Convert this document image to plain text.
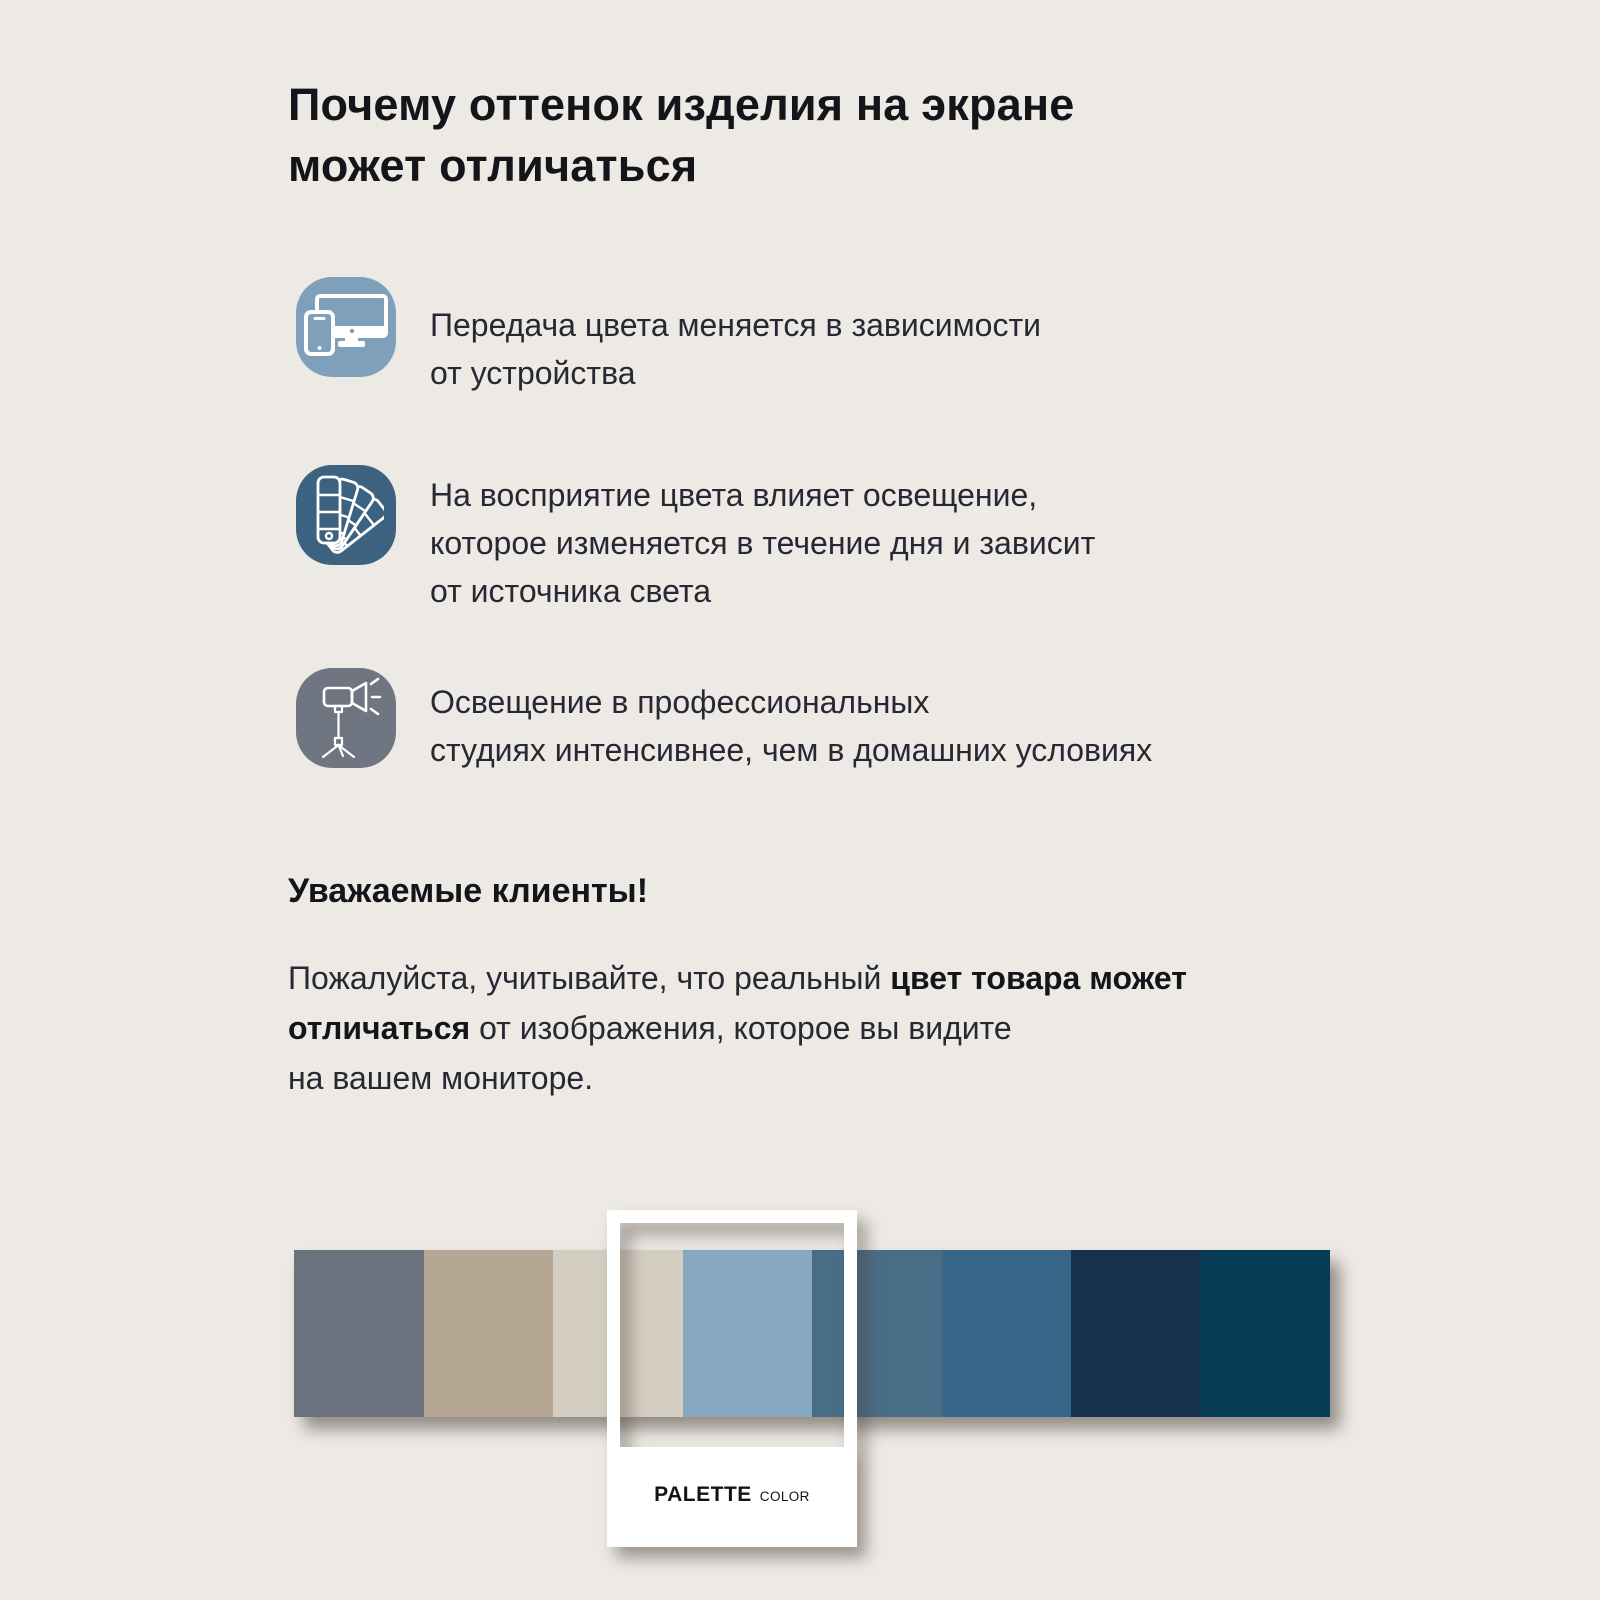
Почему оттенок изделия на экране
может отличаться
Передача цвета меняется в зависимости
от устройства
На восприятие цвета влияет освещение,
которое изменяется в течение дня и зависит
от источника света
Освещение в профессиональных
студиях интенсивнее, чем в домашних условиях
Уважаемые клиенты!
Пожалуйста, учитывайте, что реальный цвет товара может
отличаться от изображения, которое вы видите
на вашем мониторе.
PALETTE COLOR
